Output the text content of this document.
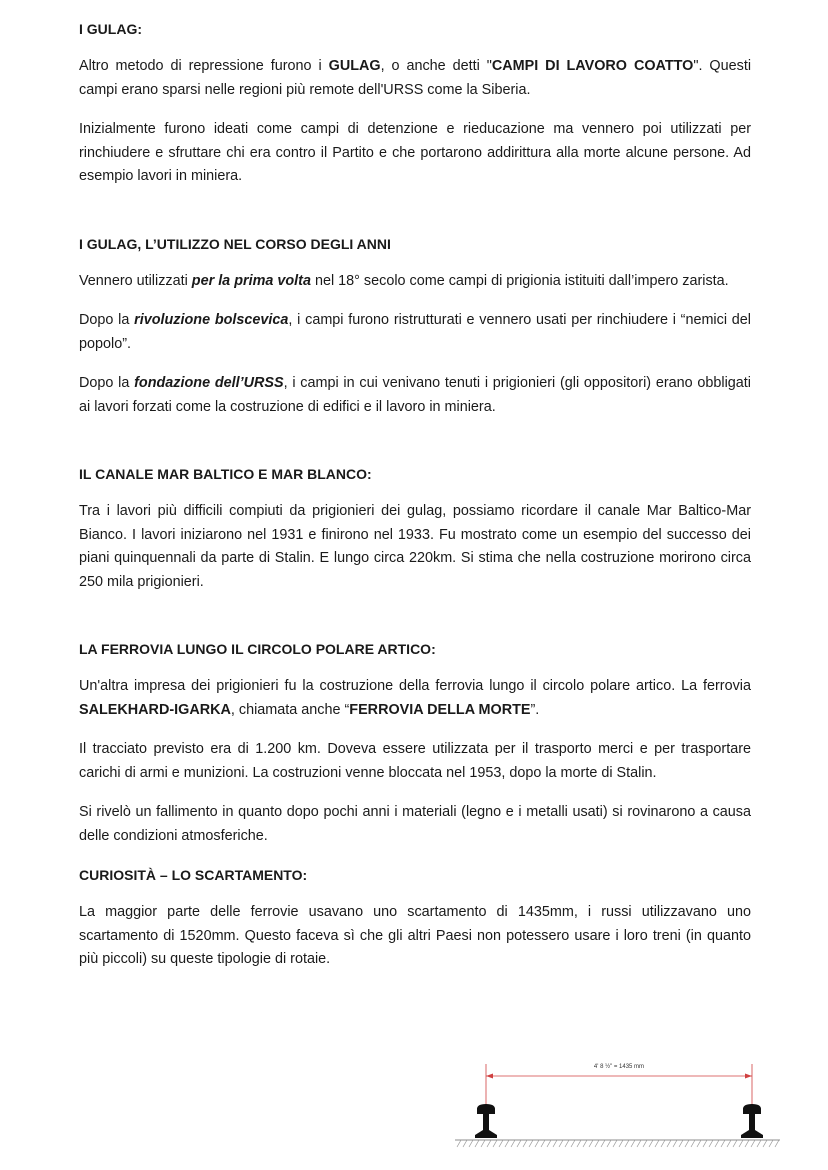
I GULAG:

Altro metodo di repressione furono i GULAG, o anche detti "CAMPI DI LAVORO COATTO". Questi campi erano sparsi nelle regioni più remote dell'URSS come la Siberia.

Inizialmente furono ideati come campi di detenzione e rieducazione ma vennero poi utilizzati per rinchiudere e sfruttare chi era contro il Partito e che portarono addirittura alla morte alcune persone. Ad esempio lavori in miniera.

I GULAG, L’UTILIZZO NEL CORSO DEGLI ANNI

Vennero utilizzati per la prima volta nel 18° secolo come campi di prigionia istituiti dall’impero zarista.

Dopo la rivoluzione bolscevica, i campi furono ristrutturati e vennero usati per rinchiudere i “nemici del popolo”.

Dopo la fondazione dell’URSS, i campi in cui venivano tenuti i prigionieri (gli oppositori) erano obbligati ai lavori forzati come la costruzione di edifici e il lavoro in miniera.

IL CANALE MAR BALTICO E MAR BLANCO:

Tra i lavori più difficili compiuti da prigionieri dei gulag, possiamo ricordare il canale Mar Baltico-Mar Bianco. I lavori iniziarono nel 1931 e finirono nel 1933. Fu mostrato come un esempio del successo dei piani quinquennali da parte di Stalin. E lungo circa 220km. Si stima che nella costruzione morirono circa 250 mila prigionieri.

LA FERROVIA LUNGO IL CIRCOLO POLARE ARTICO:

Un'altra impresa dei prigionieri fu la costruzione della ferrovia lungo il circolo polare artico. La ferrovia SALEKHARD-IGARKA, chiamata anche “FERROVIA DELLA MORTE”.

Il tracciato previsto era di 1.200 km. Doveva essere utilizzata per il trasporto merci e per trasportare carichi di armi e munizioni. La costruzioni venne bloccata nel 1953, dopo la morte di Stalin.

Si rivelò un fallimento in quanto dopo pochi anni i materiali (legno e i metalli usati) si rovinarono a causa delle condizioni atmosferiche.

CURIOSITÀ – LO SCARTAMENTO:

La maggior parte delle ferrovie usavano uno scartamento di 1435mm, i russi utilizzavano uno scartamento di 1520mm. Questo faceva sì che gli altri Paesi non potessero usare i loro treni (in quanto più piccoli) su queste tipologie di rotaie.

4' 8 ½" = 1435 mm
